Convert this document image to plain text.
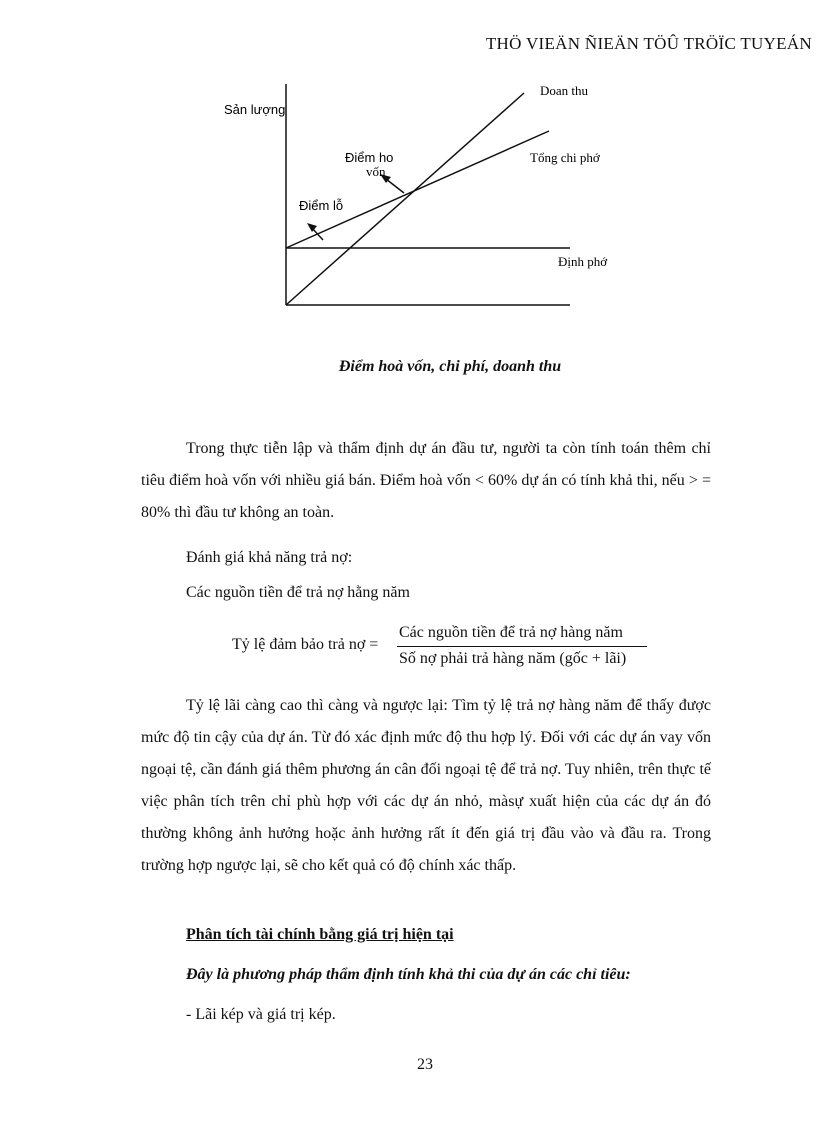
THÖ VIEÄN ÑIEÄN TÖÛ TRÖÏC TUYEÁN
Sản lượng
Doan thu
Tổng chi phớ
Điểm ho
vốn
Điểm lỗ
Định phớ
Điểm hoà vốn, chi phí, doanh thu
Trong thực tiễn lập và thẩm định dự án đầu tư, người ta còn tính toán thêm chỉ tiêu điểm hoà vốn với nhiều giá bán. Điểm hoà vốn < 60% dự án có tính khả thi, nếu > = 80% thì đầu tư không an toàn.
Đánh giá khả năng trả nợ:
Các nguồn tiền để trả nợ hằng năm
Tỷ lệ đảm bảo trả nợ =
Các nguồn tiền để trả nợ hàng năm
Số nợ phải trả hàng năm (gốc + lãi)
Tỷ lệ lãi càng cao thì càng và ngược lại: Tìm tỷ lệ trả nợ hàng năm để thấy được mức độ tin cậy của dự án. Từ đó xác định mức độ thu hợp lý. Đối với các dự án vay vốn ngoại tệ, cần đánh giá thêm phương án cân đối ngoại tệ để trả nợ. Tuy nhiên, trên thực tế việc phân tích trên chỉ phù hợp với các dự án nhỏ, màsự xuất hiện của các dự án đó thường không ảnh hưởng hoặc ảnh hưởng rất ít đến giá trị đầu vào và đầu ra. Trong trường hợp ngược lại, sẽ cho kết quả có độ chính xác thấp.
Phân tích tài chính bằng giá trị hiện tại
Đây là phương pháp thẩm định tính khả thi của dự án các chỉ tiêu:
- Lãi kép và giá trị kép.
23
